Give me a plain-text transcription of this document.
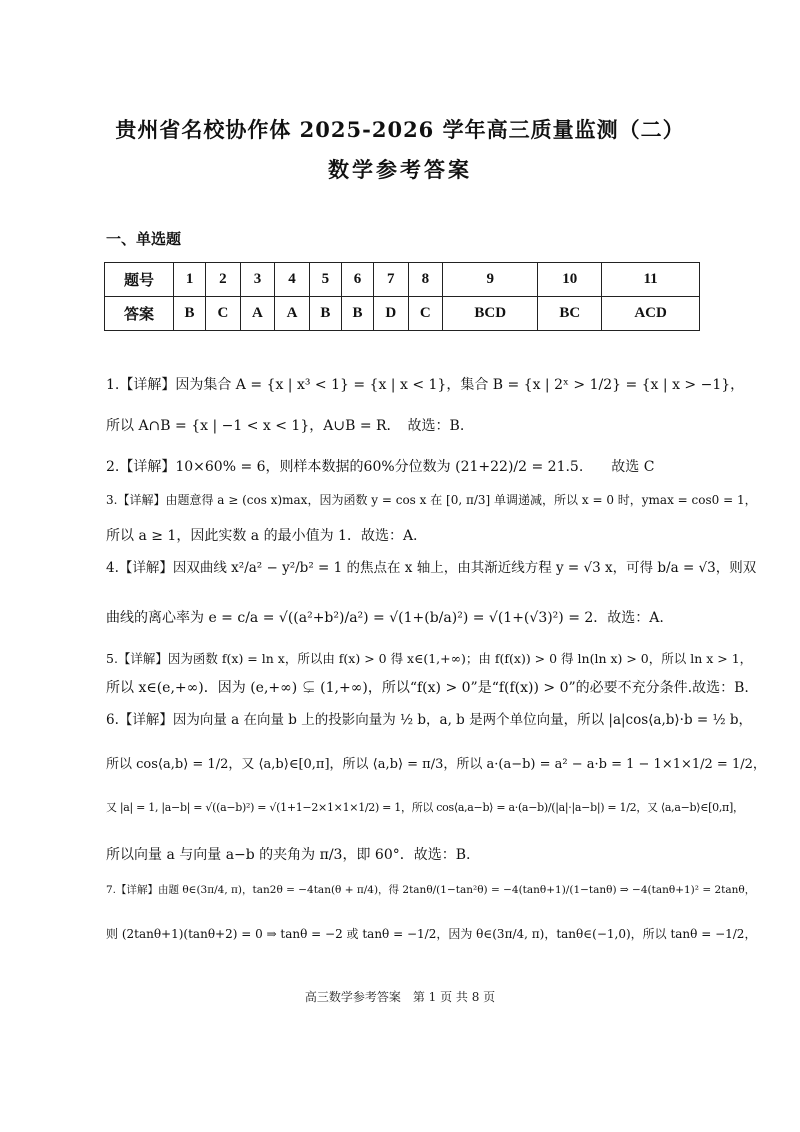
贵州省名校协作体 2025-2026 学年高三质量监测（二）
数学参考答案
一、单选题
题号	1	2	3	4	5	6	7	8	9	10	11
答案	B	C	A	A	B	B	D	C	BCD	BC	ACD
1.【详解】因为集合 A = {x | x³ < 1} = {x | x < 1}，集合 B = {x | 2ˣ > 1/2} = {x | x > −1}，
所以 A∩B = {x | −1 < x < 1}，A∪B = R．　故选：B.
2.【详解】10×60% = 6，则样本数据的60%分位数为 (21+22)/2 = 21.5.　　故选 C
3.【详解】由题意得 a ≥ (cos x)max，因为函数 y = cos x 在 [0, π/3] 单调递减，所以 x = 0 时，ymax = cos0 = 1，
所以 a ≥ 1，因此实数 a 的最小值为 1．故选：A.
4.【详解】因双曲线 x²/a² − y²/b² = 1 的焦点在 x 轴上，由其渐近线方程 y = √3 x，可得 b/a = √3，则双
曲线的离心率为 e = c/a = √((a²+b²)/a²) = √(1+(b/a)²) = √(1+(√3)²) = 2．故选：A.
5.【详解】因为函数 f(x) = ln x，所以由 f(x) > 0 得 x∈(1,+∞)；由 f(f(x)) > 0 得 ln(ln x) > 0，所以 ln x > 1，
所以 x∈(e,+∞)．因为 (e,+∞) ⊊ (1,+∞)，所以“f(x) > 0”是“f(f(x)) > 0”的必要不充分条件.故选：B.
6.【详解】因为向量 a 在向量 b 上的投影向量为 ½ b，a, b 是两个单位向量，所以 |a|cos⟨a,b⟩·b = ½ b，
所以 cos⟨a,b⟩ = 1/2，又 ⟨a,b⟩∈[0,π]，所以 ⟨a,b⟩ = π/3，所以 a·(a−b) = a² − a·b = 1 − 1×1×1/2 = 1/2，
又 |a| = 1, |a−b| = √((a−b)²) = √(1+1−2×1×1×1/2) = 1，所以 cos⟨a,a−b⟩ = a·(a−b)/(|a|·|a−b|) = 1/2，又 ⟨a,a−b⟩∈[0,π]，
所以向量 a 与向量 a−b 的夹角为 π/3，即 60°．故选：B.
7.【详解】由题 θ∈(3π/4, π)，tan2θ = −4tan(θ + π/4)，得 2tanθ/(1−tan²θ) = −4(tanθ+1)/(1−tanθ) ⇒ −4(tanθ+1)² = 2tanθ，
则 (2tanθ+1)(tanθ+2) = 0 ⇒ tanθ = −2 或 tanθ = −1/2，因为 θ∈(3π/4, π)，tanθ∈(−1,0)，所以 tanθ = −1/2，
高三数学参考答案　第 1 页 共 8 页
